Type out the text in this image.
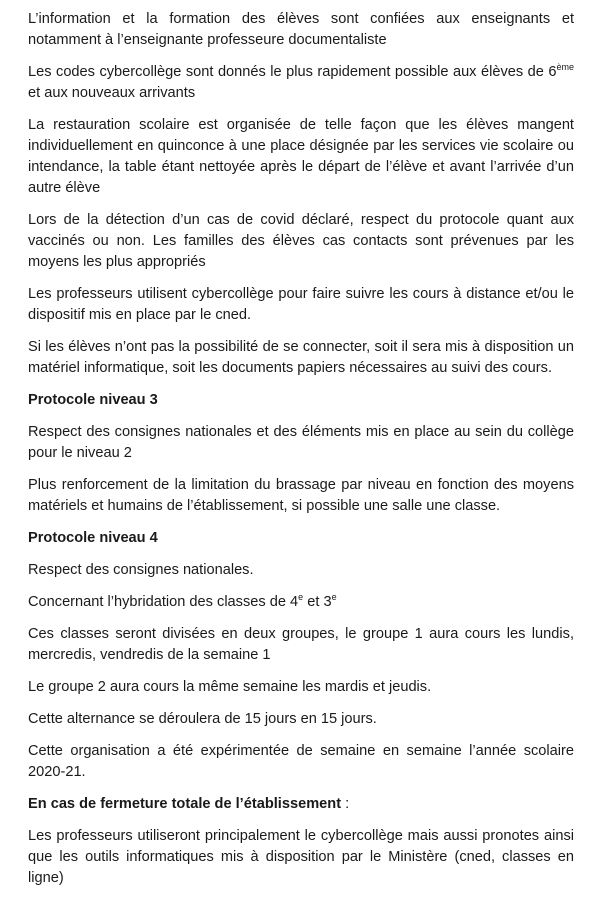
L’information et la formation des élèves sont confiées aux enseignants et notamment à l’enseignante professeure documentaliste

Les codes cybercollège sont donnés le plus rapidement possible aux élèves de 6ème et aux nouveaux arrivants

La restauration scolaire est organisée de telle façon que les élèves mangent individuellement en quinconce à une place désignée par les services vie scolaire ou intendance, la table étant nettoyée après le départ de l’élève et avant l’arrivée d’un autre élève

Lors de la détection d’un cas de covid déclaré, respect du protocole quant aux vaccinés ou non. Les familles des élèves cas contacts sont prévenues par les moyens les plus appropriés

Les professeurs utilisent cybercollège pour faire suivre les cours à distance et/ou le dispositif mis en place par le cned.

Si les élèves n’ont pas la possibilité de se connecter, soit il sera mis à disposition un matériel informatique, soit les documents papiers nécessaires au suivi des cours.

Protocole niveau 3

Respect des consignes nationales et des éléments mis en place au sein du collège pour le niveau 2

Plus renforcement de la limitation du brassage par niveau en fonction des moyens matériels et humains de l’établissement, si possible une salle une classe.

Protocole niveau 4

Respect des consignes nationales.

Concernant l’hybridation des classes de 4e et 3e

Ces classes seront divisées en deux groupes, le groupe 1 aura cours les lundis, mercredis, vendredis de la semaine 1

Le groupe 2 aura cours la même semaine les mardis et jeudis.

Cette alternance se déroulera de 15 jours en 15 jours.

Cette organisation a été expérimentée de semaine en semaine l’année scolaire 2020-21.

En cas de fermeture totale de l’établissement :

Les professeurs utiliseront principalement le cybercollège mais aussi pronotes ainsi que les outils informatiques mis à disposition par le Ministère (cned, classes en ligne)
